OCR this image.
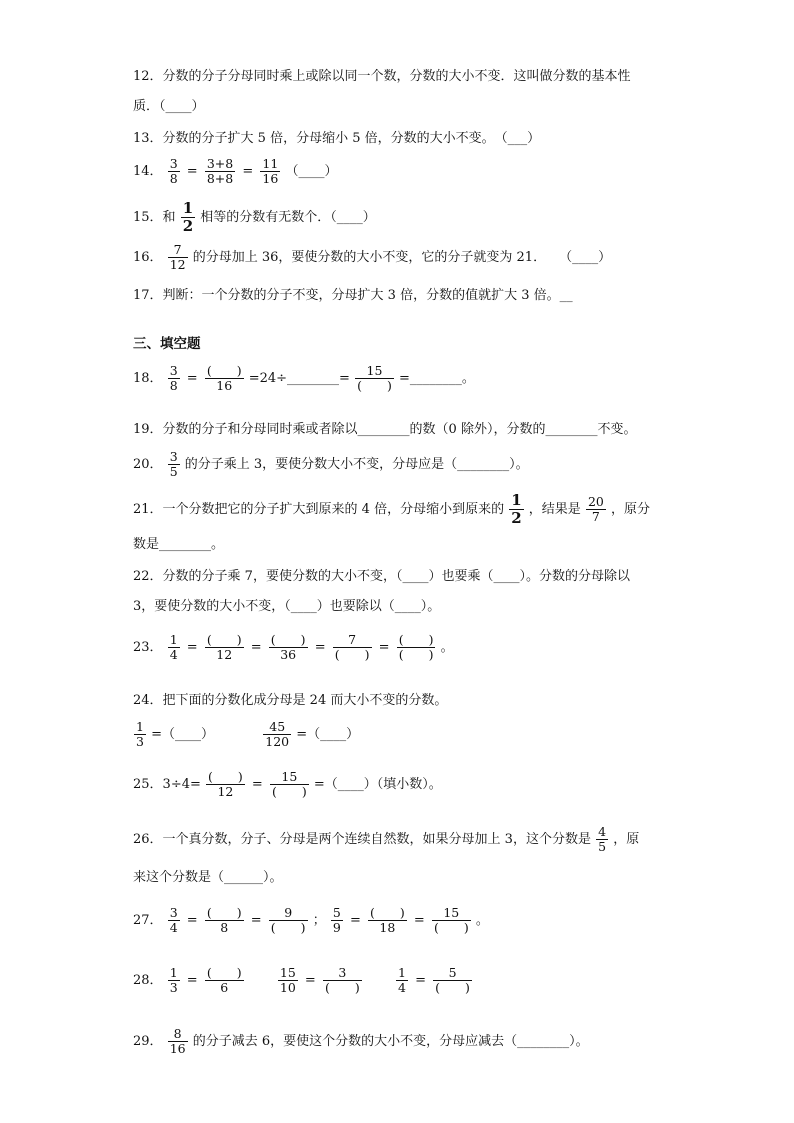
12．分数的分子分母同时乘上或除以同一个数，分数的大小不变．这叫做分数的基本性
质．（____）
13．分数的分子扩大 5 倍，分母缩小 5 倍，分数的大小不变。　（___）
14． $\frac{3}{8} = \frac{3+8}{8+8} = \frac{11}{16}$ （____）
15．和 $\frac{1}{2}$ 相等的分数有无数个．（____）
16． $\frac{7}{12}$ 的分母加上 36，要使分数的大小不变，它的分子就变为 21．　　（____）
17．判断：一个分数的分子不变，分母扩大 3 倍，分数的值就扩大 3 倍。__
三、填空题
18． $\frac{3}{8} = \frac{( )}{16}$ =24÷________= $\frac{15}{( )}$ =________。
19．分数的分子和分母同时乘或者除以________的数（0 除外），分数的________不变。
20． $\frac{3}{5}$ 的分子乘上 3，要使分数大小不变，分母应是（________）。
21．一个分数把它的分子扩大到原来的 4 倍，分母缩小到原来的 $\frac{1}{2}$ ，结果是 $\frac{20}{7}$ ，原分
数是________。
22．分数的分子乘 7，要使分数的大小不变，（____）也要乘（____）。分数的分母除以
3，要使分数的大小不变，（____）也要除以（____）。
23． $\frac{1}{4} = \frac{( )}{12} = \frac{( )}{36} = \frac{7}{( )} = \frac{( )}{( )}$ 。
24．把下面的分数化成分母是 24 而大小不变的分数。
$\frac{1}{3}$ =（____）	$\frac{45}{120}$ =（____）
25．$3\div 4= \frac{( )}{12} = \frac{15}{( )}$ =（____）（填小数）。
26．一个真分数，分子、分母是两个连续自然数，如果分母加上 3，这个分数是 $\frac{4}{5}$ ，原
来这个分数是（______）。
27． $\frac{3}{4} = \frac{( )}{8} = \frac{9}{( )}$ ； $\frac{5}{9} = \frac{( )}{18} = \frac{15}{( )}$ 。
28． $\frac{1}{3} = \frac{( )}{6}$
	$\frac{15}{10} = \frac{3}{( )}$
	$\frac{1}{4} = \frac{5}{( )}$
29． $\frac{8}{16}$ 的分子减去 6，要使这个分数的大小不变，分母应减去（________）。
